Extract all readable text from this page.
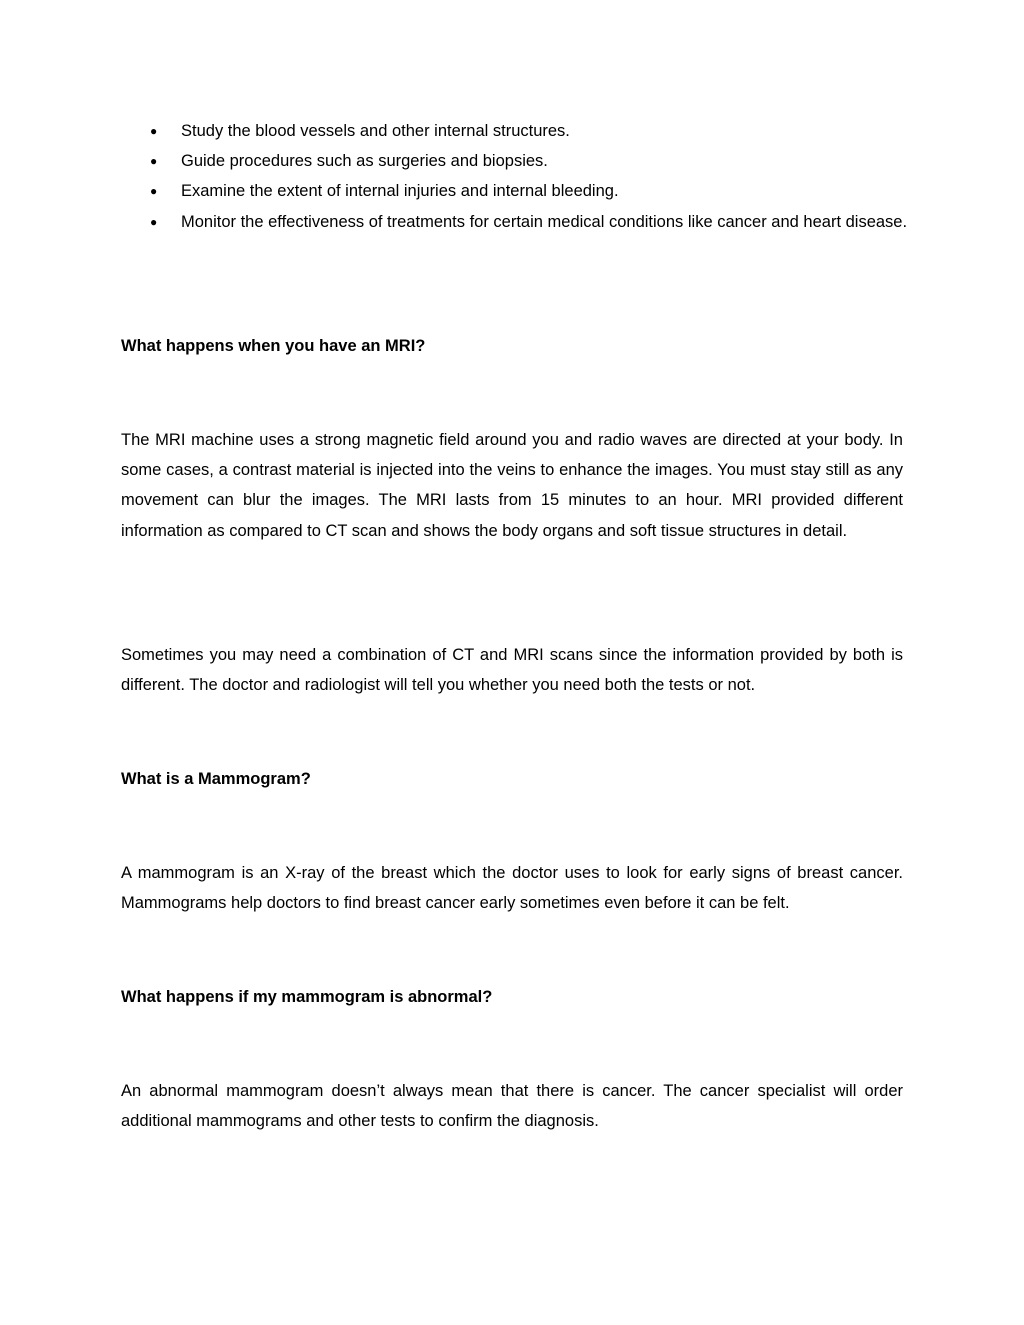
● Study the blood vessels and other internal structures.
● Guide procedures such as surgeries and biopsies.
● Examine the extent of internal injuries and internal bleeding.
● Monitor the effectiveness of treatments for certain medical conditions like cancer and heart disease.
What happens when you have an MRI?

The MRI machine uses a strong magnetic field around you and radio waves are directed at your body. In some cases, a contrast material is injected into the veins to enhance the images. You must stay still as any movement can blur the images. The MRI lasts from 15 minutes to an hour. MRI provided different information as compared to CT scan and shows the body organs and soft tissue structures in detail.

Sometimes you may need a combination of CT and MRI scans since the information provided by both is different. The doctor and radiologist will tell you whether you need both the tests or not.

What is a Mammogram?

A mammogram is an X-ray of the breast which the doctor uses to look for early signs of breast cancer. Mammograms help doctors to find breast cancer early sometimes even before it can be felt.

What happens if my mammogram is abnormal?

An abnormal mammogram doesn’t always mean that there is cancer. The cancer specialist will order additional mammograms and other tests to confirm the diagnosis.
